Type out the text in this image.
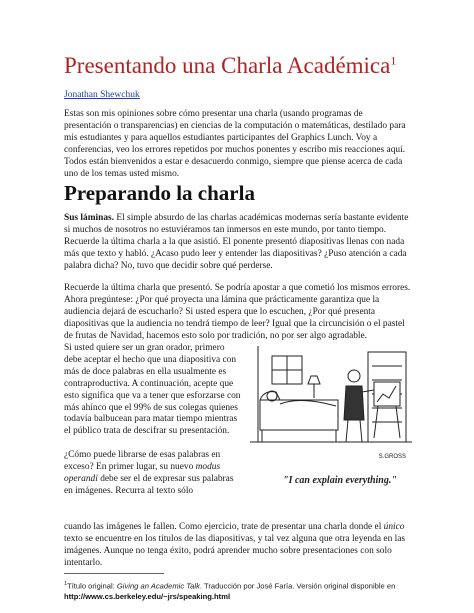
Presentando una Charla Académica$^1$
Jonathan Shewchuk

Estas son mis opiniones sobre cómo presentar una charla (usando programas de presentación o transparencias) en ciencias de la computación o matemáticas, destilado para mis estudiantes y para aquellos estudiantes participantes del Graphics Lunch. Voy a conferencias, veo los errores repetidos por muchos ponentes y escribo mis reacciones aquí. Todos están bienvenidos a estar e desacuerdo conmigo, siempre que piense acerca de cada uno de los temas usted mismo.

Preparando la charla

Sus láminas. El simple absurdo de las charlas académicas modernas sería bastante evidente si muchos de nosotros no estuviéramos tan inmersos en este mundo, por tanto tiempo. Recuerde la última charla a la que asistió. El ponente presentó diapositivas llenas con nada más que texto y habló. ¿Acaso pudo leer y entender las diapositivas? ¿Puso atención a cada palabra dicha? No, tuvo que decidir sobre qué perderse.

Recuerde la última charla que presentó. Se podría apostar a que cometió los mismos errores. Ahora pregúntese: ¿Por qué proyecta una lámina que prácticamente garantiza que la audiencia dejará de escucharlo? Si usted espera que lo escuchen, ¿Por qué presenta diapositivas que la audiencia no tendrá tiempo de leer? Igual que la circuncisión o el pastel de frutas de Navidad, hacemos esto solo por tradición, no por ser algo agradable.

Si usted quiere ser un gran orador, primero debe aceptar el hecho que una diapositiva con más de doce palabras en ella usualmente es contraproductiva. A continuación, acepte que esto significa que va a tener que esforzarse con más ahínco que el 99% de sus colegas quienes todavía balbucean para matar tiempo mientras el público trata de descifrar su presentación.

¿Cómo puede librarse de esas palabras en exceso? En primer lugar, su nuevo modus operandi debe ser el de expresar sus palabras en imágenes. Recurra al texto sólo

S.GROSS
"I can explain everything."

cuando las imágenes le fallen. Como ejercicio, trate de presentar una charla donde el único texto se encuentre en los títulos de las diapositivas, y tal vez alguna que otra leyenda en las imágenes. Aunque no tenga éxito, podrá aprender mucho sobre presentaciones con solo intentarlo.

$^1$Título original: Giving an Academic Talk. Traducción por José Faría. Versión original disponible en
http://www.cs.berkeley.edu/~jrs/speaking.html
